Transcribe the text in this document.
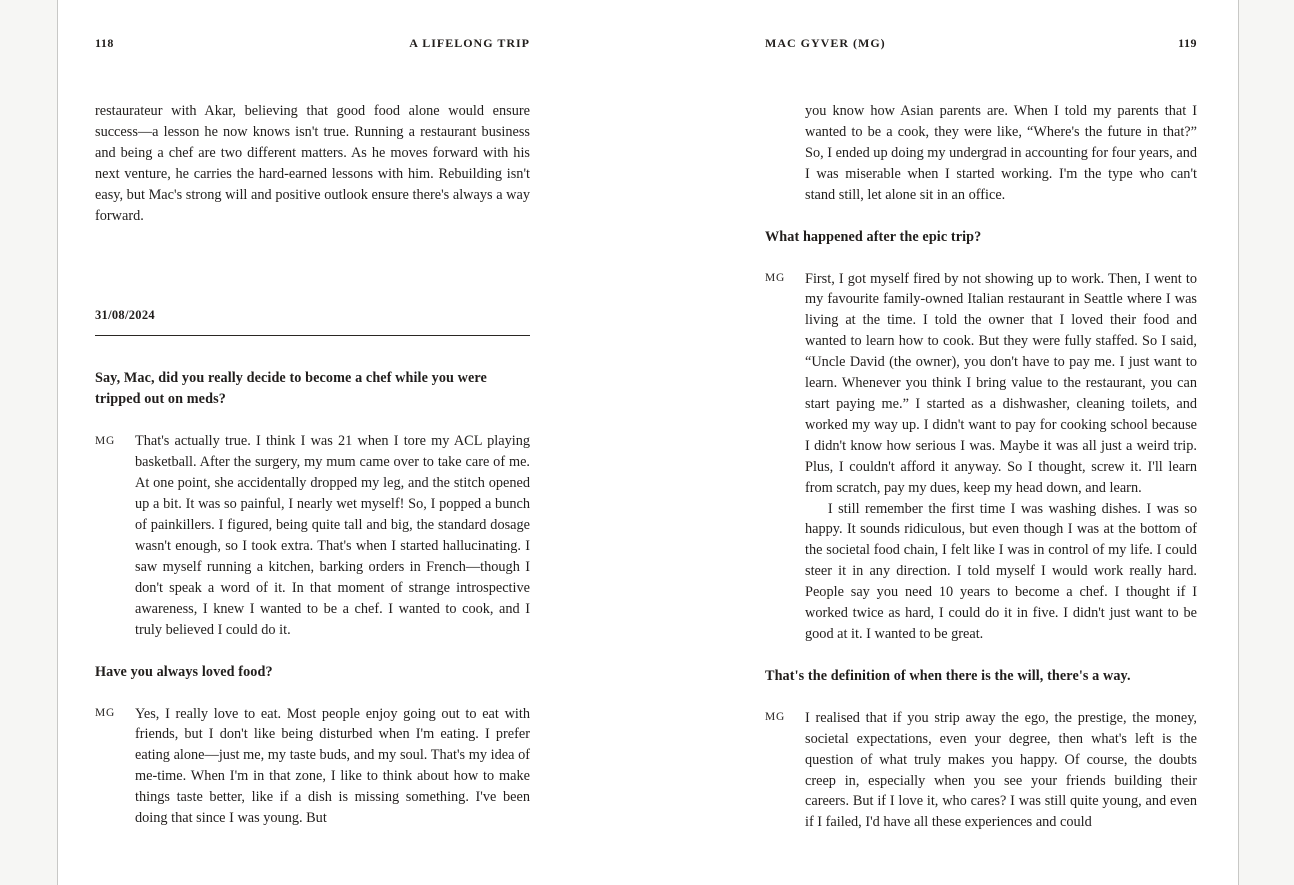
118	A LIFELONG TRIP

restaurateur with Akar, believing that good food alone would ensure success—a lesson he now knows isn't true. Running a restaurant business and being a chef are two different matters. As he moves forward with his next venture, he carries the hard-earned lessons with him. Rebuilding isn't easy, but Mac's strong will and positive outlook ensure there's always a way forward.

31/08/2024

Say, Mac, did you really decide to become a chef while you were tripped out on meds?

MG	That's actually true. I think I was 21 when I tore my ACL playing basketball. After the surgery, my mum came over to take care of me. At one point, she accidentally dropped my leg, and the stitch opened up a bit. It was so painful, I nearly wet myself! So, I popped a bunch of painkillers. I figured, being quite tall and big, the standard dosage wasn't enough, so I took extra. That's when I started hallucinating. I saw myself running a kitchen, barking orders in French—though I don't speak a word of it. In that moment of strange introspective awareness, I knew I wanted to be a chef. I wanted to cook, and I truly believed I could do it.

Have you always loved food?

MG	Yes, I really love to eat. Most people enjoy going out to eat with friends, but I don't like being disturbed when I'm eating. I prefer eating alone—just me, my taste buds, and my soul. That's my idea of me-time. When I'm in that zone, I like to think about how to make things taste better, like if a dish is missing something. I've been doing that since I was young. But

MAC GYVER (MG)	119

you know how Asian parents are. When I told my parents that I wanted to be a cook, they were like, “Where's the future in that?” So, I ended up doing my undergrad in accounting for four years, and I was miserable when I started working. I'm the type who can't stand still, let alone sit in an office.

What happened after the epic trip?

MG	First, I got myself fired by not showing up to work. Then, I went to my favourite family-owned Italian restaurant in Seattle where I was living at the time. I told the owner that I loved their food and wanted to learn how to cook. But they were fully staffed. So I said, “Uncle David (the owner), you don't have to pay me. I just want to learn. Whenever you think I bring value to the restaurant, you can start paying me.” I started as a dishwasher, cleaning toilets, and worked my way up. I didn't want to pay for cooking school because I didn't know how serious I was. Maybe it was all just a weird trip. Plus, I couldn't afford it anyway. So I thought, screw it. I'll learn from scratch, pay my dues, keep my head down, and learn.

I still remember the first time I was washing dishes. I was so happy. It sounds ridiculous, but even though I was at the bottom of the societal food chain, I felt like I was in control of my life. I could steer it in any direction. I told myself I would work really hard. People say you need 10 years to become a chef. I thought if I worked twice as hard, I could do it in five. I didn't just want to be good at it. I wanted to be great.

That's the definition of when there is the will, there's a way.

MG	I realised that if you strip away the ego, the prestige, the money, societal expectations, even your degree, then what's left is the question of what truly makes you happy. Of course, the doubts creep in, especially when you see your friends building their careers. But if I love it, who cares? I was still quite young, and even if I failed, I'd have all these experiences and could
